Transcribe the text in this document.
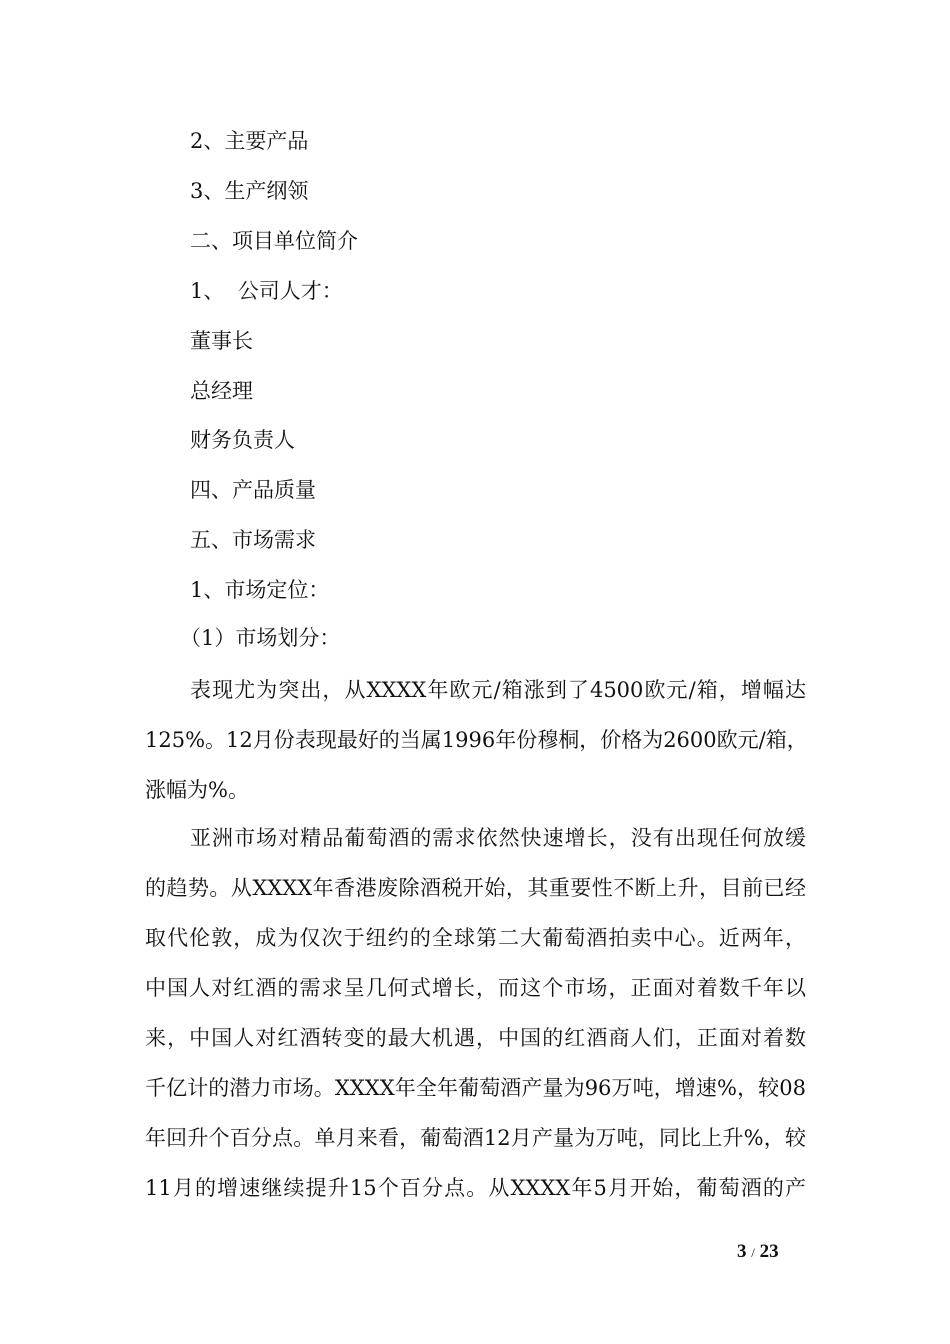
2、主要产品
3、生产纲领
二、项目单位简介
1、  公司人才：
董事长
总经理
财务负责人
四、产品质量
五、市场需求
1、市场定位：
（1）市场划分：
表现尤为突出，从XXXX年欧元/箱涨到了4500欧元/箱，增幅达
125%。12月份表现最好的当属1996年份穆桐，价格为2600欧元/箱，
涨幅为%。
亚洲市场对精品葡萄酒的需求依然快速增长，没有出现任何放缓
的趋势。从XXXX年香港废除酒税开始，其重要性不断上升，目前已经
取代伦敦，成为仅次于纽约的全球第二大葡萄酒拍卖中心。近两年，
中国人对红酒的需求呈几何式增长，而这个市场，正面对着数千年以
来，中国人对红酒转变的最大机遇，中国的红酒商人们，正面对着数
千亿计的潜力市场。XXXX年全年葡萄酒产量为96万吨，增速%，较08
年回升个百分点。单月来看，葡萄酒12月产量为万吨，同比上升%，较
11月的增速继续提升15个百分点。从XXXX年5月开始，葡萄酒的产
3 / 23
